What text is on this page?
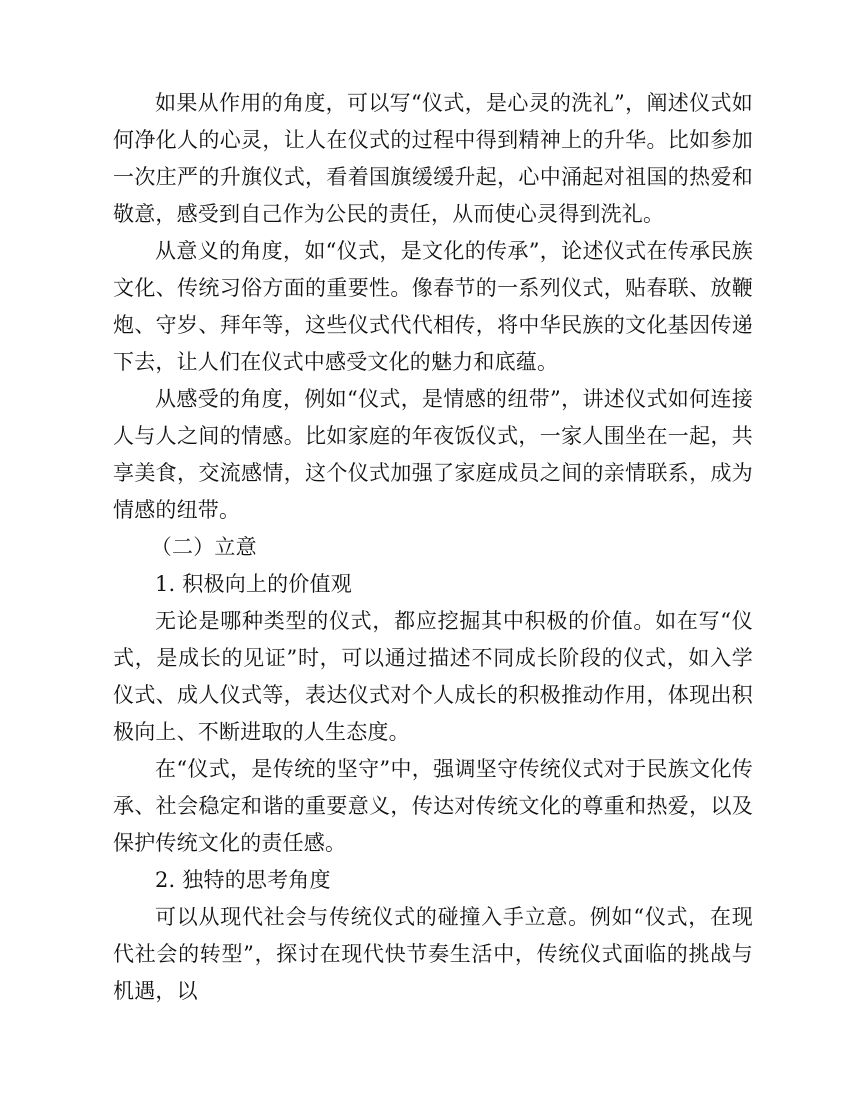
如果从作用的角度，可以写“仪式，是心灵的洗礼”，阐述仪式如何净化人的心灵，让人在仪式的过程中得到精神上的升华。比如参加一次庄严的升旗仪式，看着国旗缓缓升起，心中涌起对祖国的热爱和敬意，感受到自己作为公民的责任，从而使心灵得到洗礼。

从意义的角度，如“仪式，是文化的传承”，论述仪式在传承民族文化、传统习俗方面的重要性。像春节的一系列仪式，贴春联、放鞭炮、守岁、拜年等，这些仪式代代相传，将中华民族的文化基因传递下去，让人们在仪式中感受文化的魅力和底蕴。

从感受的角度，例如“仪式，是情感的纽带”，讲述仪式如何连接人与人之间的情感。比如家庭的年夜饭仪式，一家人围坐在一起，共享美食，交流感情，这个仪式加强了家庭成员之间的亲情联系，成为情感的纽带。

（二）立意

1. 积极向上的价值观

无论是哪种类型的仪式，都应挖掘其中积极的价值。如在写“仪式，是成长的见证”时，可以通过描述不同成长阶段的仪式，如入学仪式、成人仪式等，表达仪式对个人成长的积极推动作用，体现出积极向上、不断进取的人生态度。

在“仪式，是传统的坚守”中，强调坚守传统仪式对于民族文化传承、社会稳定和谐的重要意义，传达对传统文化的尊重和热爱，以及保护传统文化的责任感。

2. 独特的思考角度

可以从现代社会与传统仪式的碰撞入手立意。例如“仪式，在现代社会的转型”，探讨在现代快节奏生活中，传统仪式面临的挑战与机遇，以
